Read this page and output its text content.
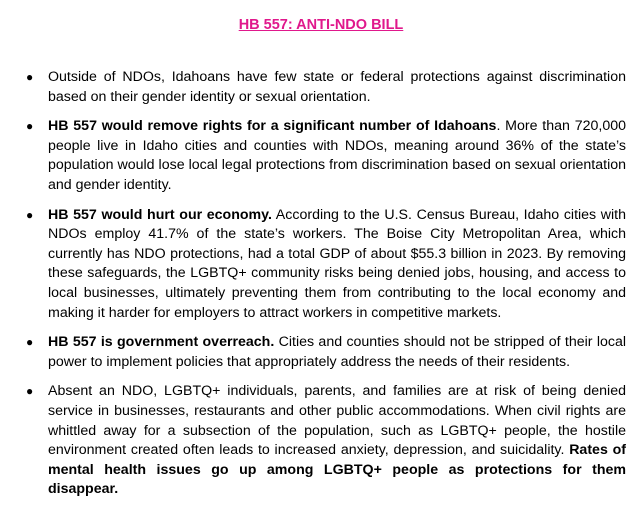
HB 557: ANTI-NDO BILL
● Outside of NDOs, Idahoans have few state or federal protections against discrimination based on their gender identity or sexual orientation.
● HB 557 would remove rights for a significant number of Idahoans. More than 720,000 people live in Idaho cities and counties with NDOs, meaning around 36% of the state’s population would lose local legal protections from discrimination based on sexual orientation and gender identity.
● HB 557 would hurt our economy. According to the U.S. Census Bureau, Idaho cities with NDOs employ 41.7% of the state’s workers. The Boise City Metropolitan Area, which currently has NDO protections, had a total GDP of about $55.3 billion in 2023. By removing these safeguards, the LGBTQ+ community risks being denied jobs, housing, and access to local businesses, ultimately preventing them from contributing to the local economy and making it harder for employers to attract workers in competitive markets.
● HB 557 is government overreach. Cities and counties should not be stripped of their local power to implement policies that appropriately address the needs of their residents.
● Absent an NDO, LGBTQ+ individuals, parents, and families are at risk of being denied service in businesses, restaurants and other public accommodations. When civil rights are whittled away for a subsection of the population, such as LGBTQ+ people, the hostile environment created often leads to increased anxiety, depression, and suicidality. Rates of mental health issues go up among LGBTQ+ people as protections for them disappear.
